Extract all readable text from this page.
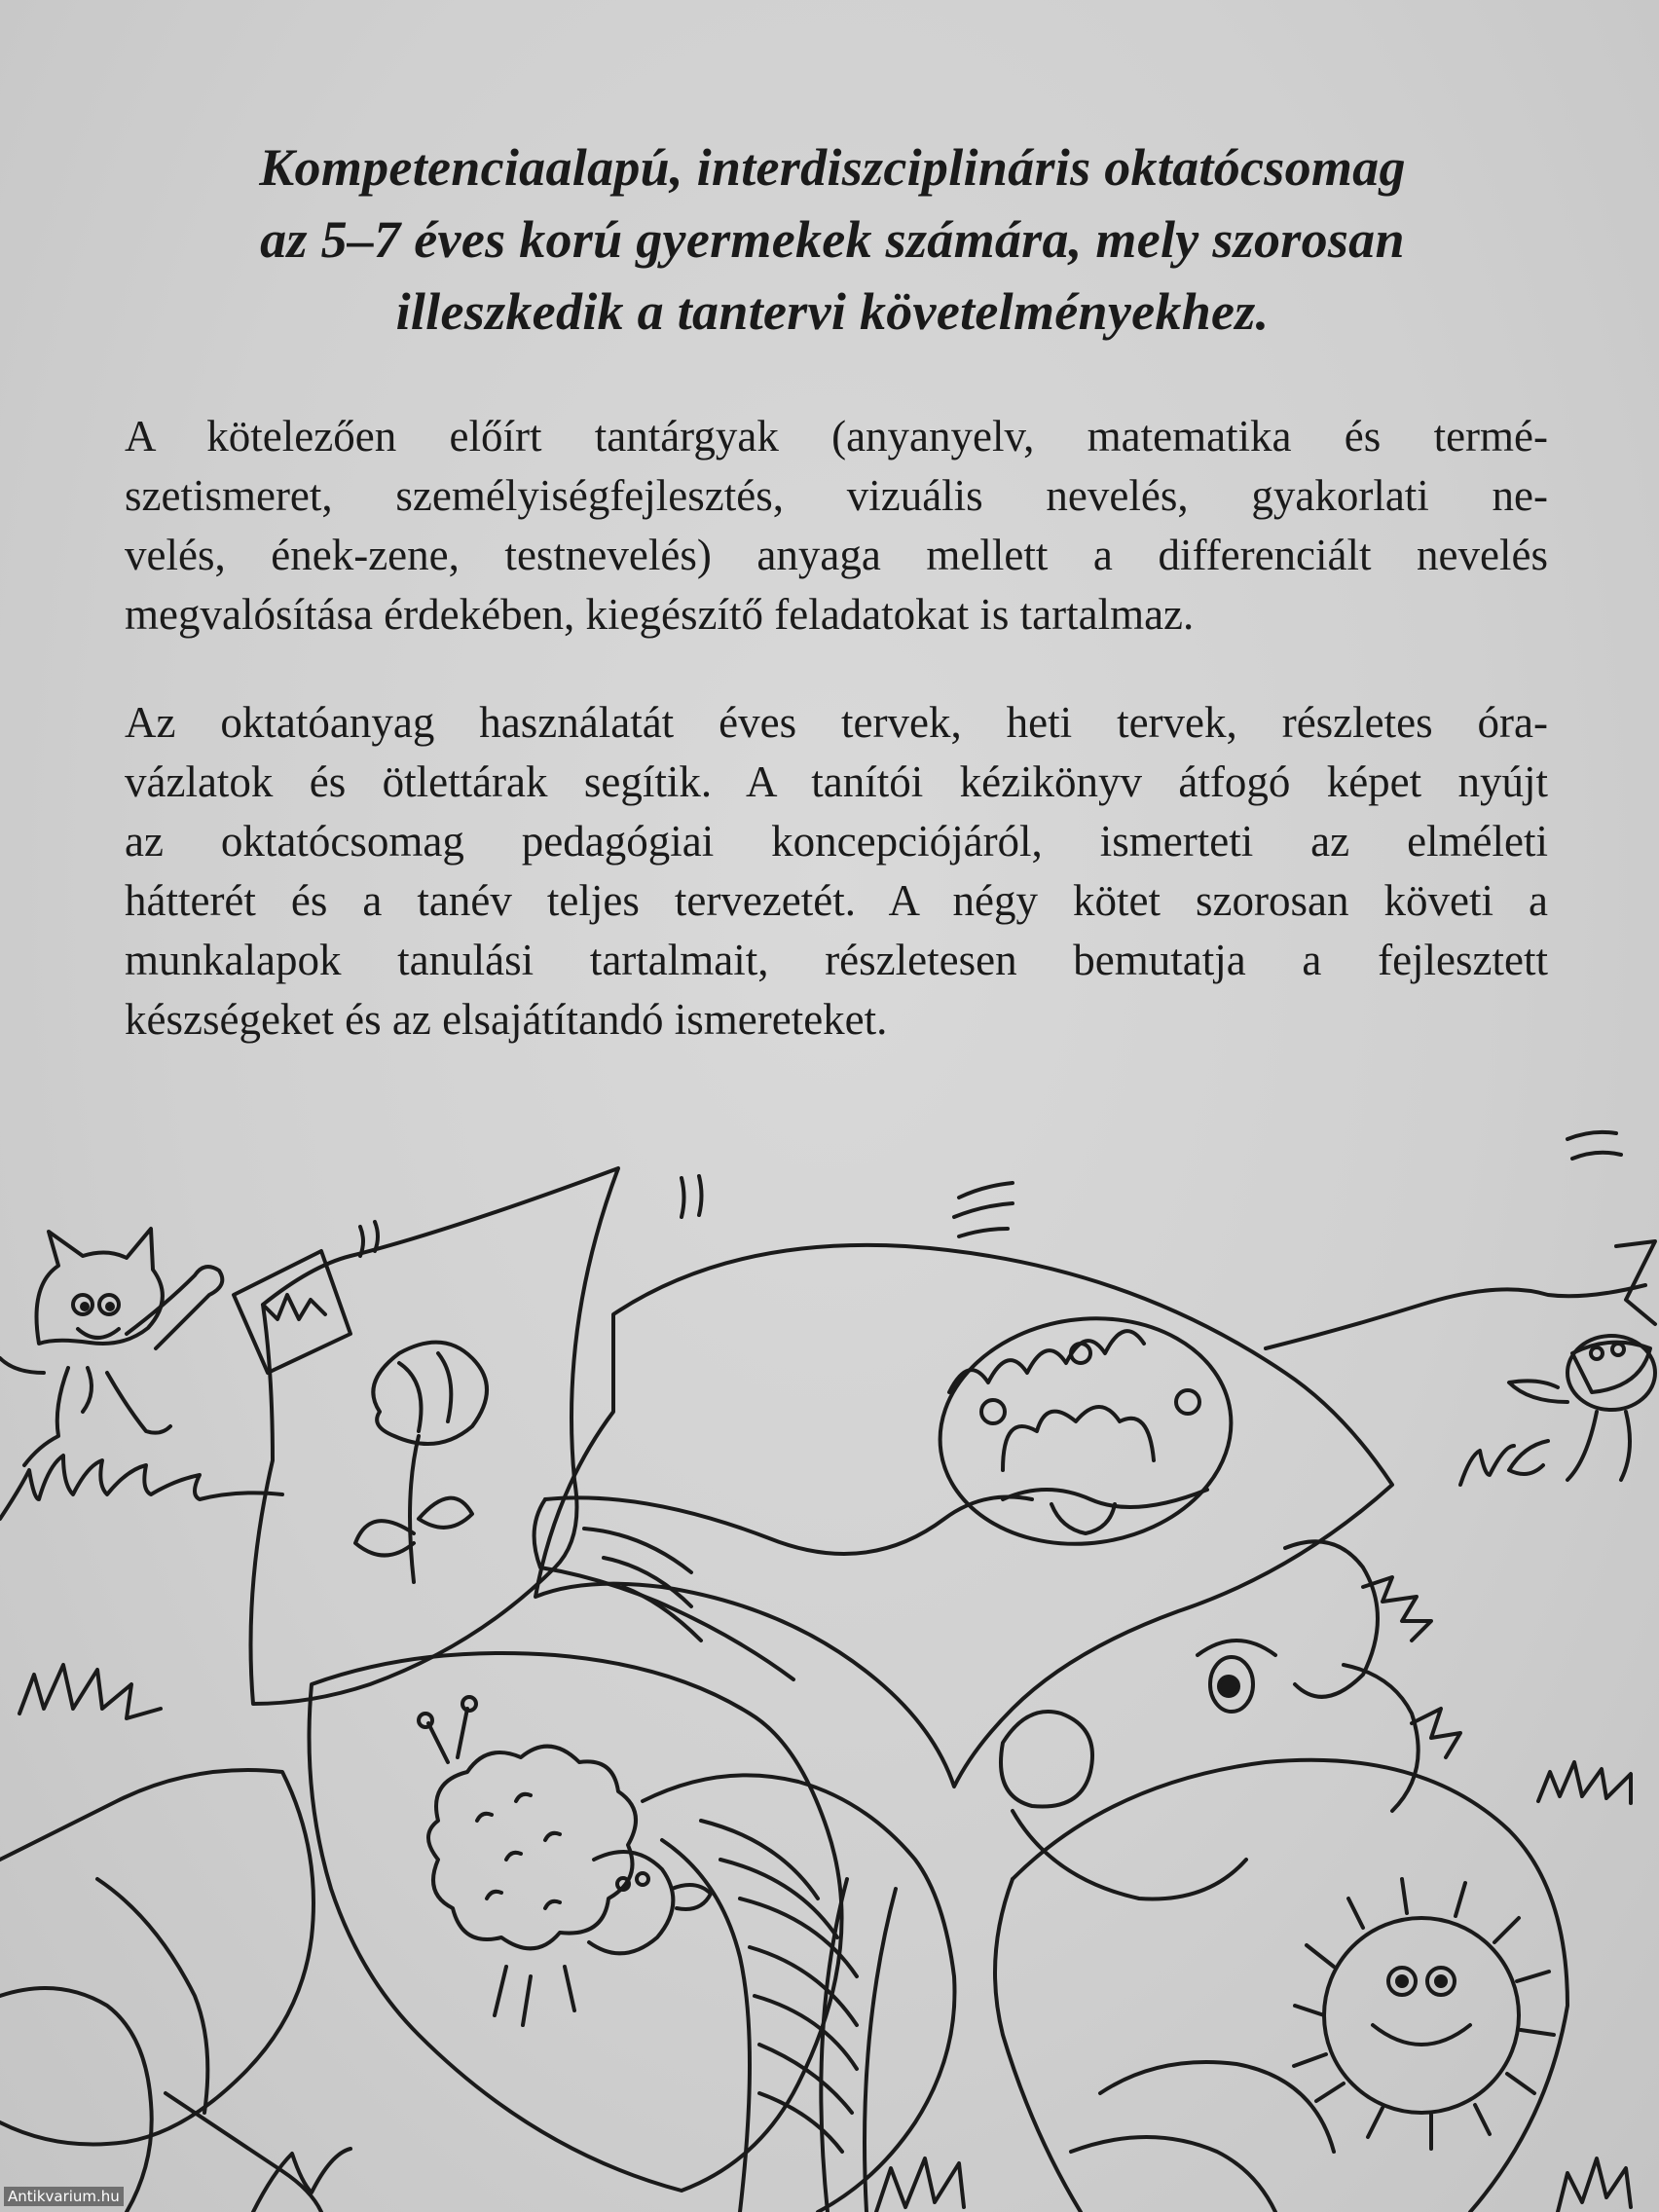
Kompetenciaalapú, interdiszciplináris oktatócsomag
az 5–7 éves korú gyermekek számára, mely szorosan
illeszkedik a tantervi követelményekhez.
A kötelezően előírt tantárgyak (anyanyelv, matematika és termé-
szetismeret, személyiségfejlesztés, vizuális nevelés, gyakorlati ne-
velés, ének-zene, testnevelés) anyaga mellett a differenciált nevelés
megvalósítása érdekében, kiegészítő feladatokat is tartalmaz.
Az oktatóanyag használatát éves tervek, heti tervek, részletes óra-
vázlatok és ötlettárak segítik. A tanítói kézikönyv átfogó képet nyújt
az oktatócsomag pedagógiai koncepciójáról, ismerteti az elméleti
hátterét és a tanév teljes tervezetét. A négy kötet szorosan követi a
munkalapok tanulási tartalmait, részletesen bemutatja a fejlesztett
készségeket és az elsajátítandó ismereteket.
Antikvarium.hu
